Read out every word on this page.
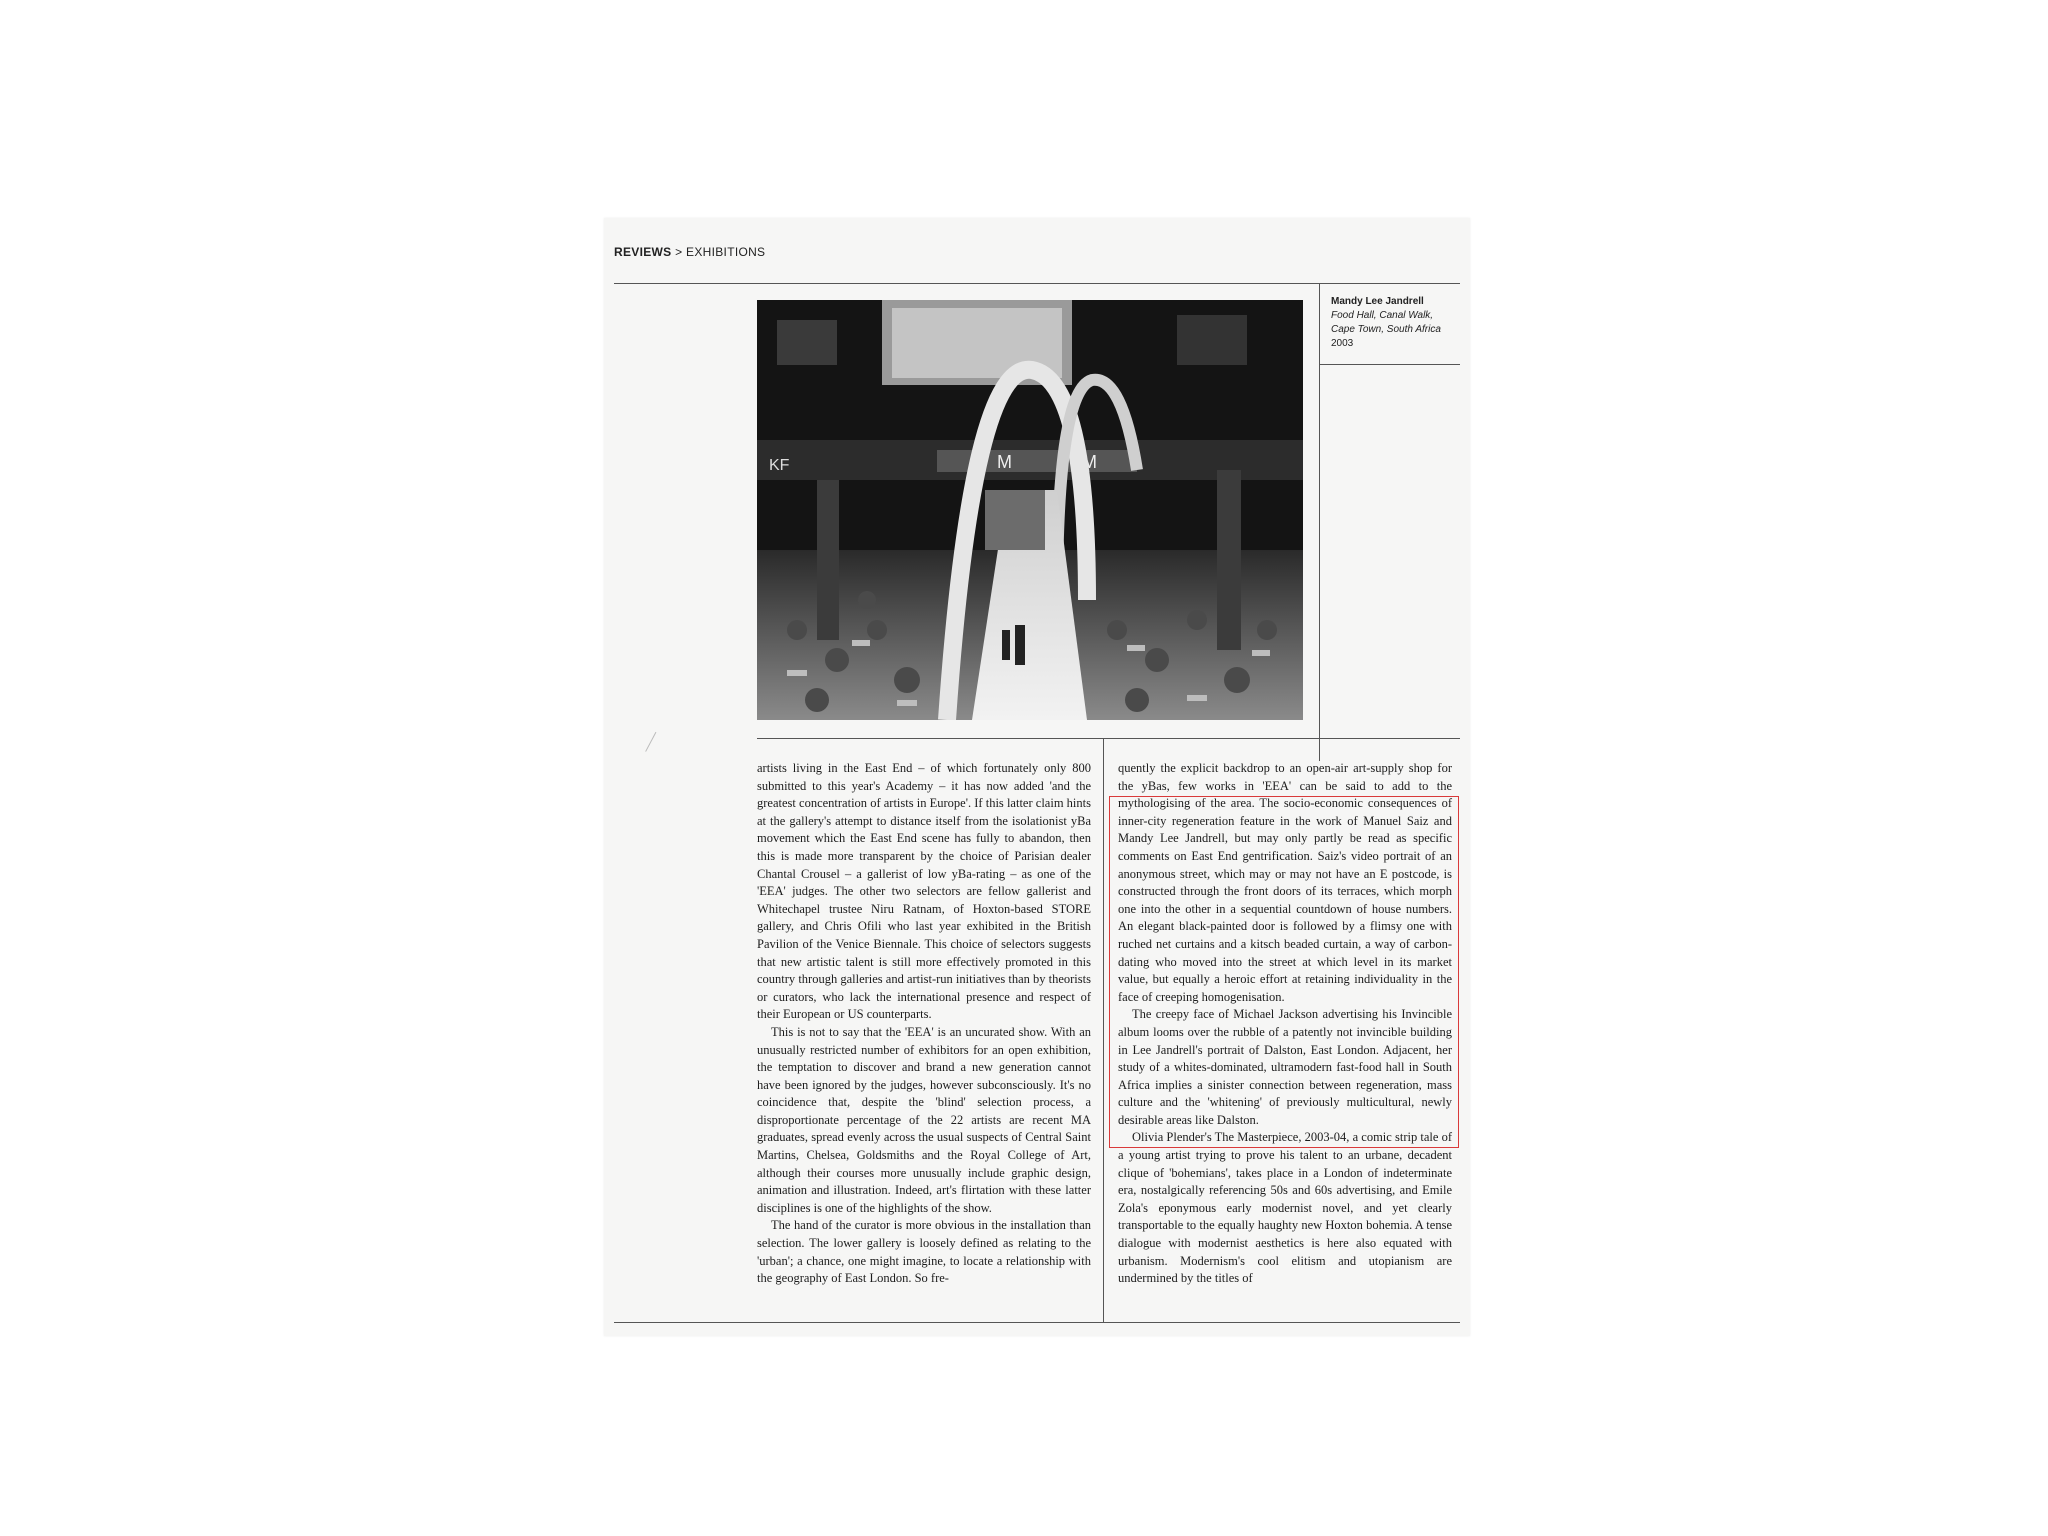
REVIEWS > EXHIBITIONS
M	M
KF
Mandy Lee Jandrell
Food Hall, Canal Walk,
Cape Town, South Africa
2003

artists living in the East End – of which fortunately only 800 submitted to this year's Academy – it has now added 'and the greatest concentration of artists in Europe'. If this latter claim hints at the gallery's attempt to distance itself from the isolationist yBa movement which the East End scene has fully to abandon, then this is made more transparent by the choice of Parisian dealer Chantal Crousel – a gallerist of low yBa-rating – as one of the 'EEA' judges. The other two selectors are fellow gallerist and Whitechapel trustee Niru Ratnam, of Hoxton-based STORE gallery, and Chris Ofili who last year exhibited in the British Pavilion of the Venice Biennale. This choice of selectors suggests that new artistic talent is still more effectively promoted in this country through galleries and artist-run initiatives than by theorists or curators, who lack the international presence and respect of their European or US counterparts.

This is not to say that the 'EEA' is an uncurated show. With an unusually restricted number of exhibitors for an open exhibition, the temptation to discover and brand a new generation cannot have been ignored by the judges, however subconsciously. It's no coincidence that, despite the 'blind' selection process, a disproportionate percentage of the 22 artists are recent MA graduates, spread evenly across the usual suspects of Central Saint Martins, Chelsea, Goldsmiths and the Royal College of Art, although their courses more unusually include graphic design, animation and illustration. Indeed, art's flirtation with these latter disciplines is one of the highlights of the show.

The hand of the curator is more obvious in the installation than selection. The lower gallery is loosely defined as relating to the 'urban'; a chance, one might imagine, to locate a relationship with the geography of East London. So fre-

quently the explicit backdrop to an open-air art-supply shop for the yBas, few works in 'EEA' can be said to add to the mythologising of the area. The socio-economic consequences of inner-city regeneration feature in the work of Manuel Saiz and Mandy Lee Jandrell, but may only partly be read as specific comments on East End gentrification. Saiz's video portrait of an anonymous street, which may or may not have an E postcode, is constructed through the front doors of its terraces, which morph one into the other in a sequential countdown of house numbers. An elegant black-painted door is followed by a flimsy one with ruched net curtains and a kitsch beaded curtain, a way of carbon-dating who moved into the street at which level in its market value, but equally a heroic effort at retaining individuality in the face of creeping homogenisation.

The creepy face of Michael Jackson advertising his Invincible album looms over the rubble of a patently not invincible building in Lee Jandrell's portrait of Dalston, East London. Adjacent, her study of a whites-dominated, ultramodern fast-food hall in South Africa implies a sinister connection between regeneration, mass culture and the 'whitening' of previously multicultural, newly desirable areas like Dalston.

Olivia Plender's The Masterpiece, 2003-04, a comic strip tale of a young artist trying to prove his talent to an urbane, decadent clique of 'bohemians', takes place in a London of indeterminate era, nostalgically referencing 50s and 60s advertising, and Emile Zola's eponymous early modernist novel, and yet clearly transportable to the equally haughty new Hoxton bohemia. A tense dialogue with modernist aesthetics is here also equated with urbanism. Modernism's cool elitism and utopianism are undermined by the titles of
